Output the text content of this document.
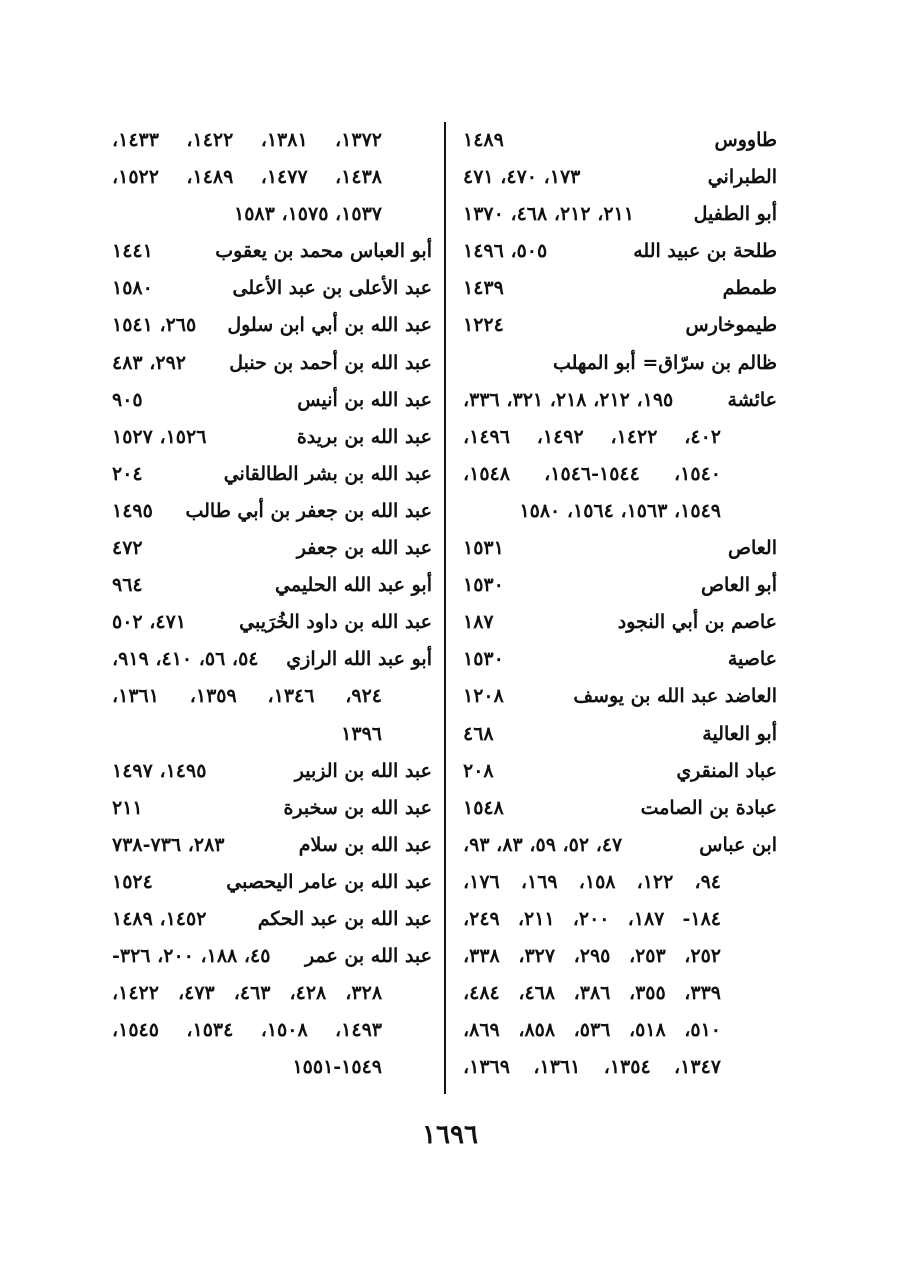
طاووس
١٤٨٩
الطبراني
١٧٣، ٤٧٠، ٤٧١
أبو الطفيل
٢١١، ٢١٢، ٤٦٨، ١٣٧٠
طلحة بن عبيد الله
٥٠٥، ١٤٩٦
طمطم
١٤٣٩
طيموخارس
١٢٢٤
ظالم بن سرّاق= أبو المهلب
عائشة
١٩٥، ٢١٢، ٢١٨، ٣٢١، ٣٣٦،
٤٠٢، ١٤٢٢، ١٤٩٢، ١٤٩٦،
١٥٤٠، ١٥٤٤-١٥٤٦، ١٥٤٨،
١٥٤٩، ١٥٦٣، ١٥٦٤، ١٥٨٠
العاص
١٥٣١
أبو العاص
١٥٣٠
عاصم بن أبي النجود
١٨٧
عاصية
١٥٣٠
العاضد عبد الله بن يوسف
١٢٠٨
أبو العالية
٤٦٨
عباد المنقري
٢٠٨
عبادة بن الصامت
١٥٤٨
ابن عباس
٤٧، ٥٢، ٥٩، ٨٣، ٩٣،
٩٤، ١٢٢، ١٥٨، ١٦٩، ١٧٦،
١٨٤- ١٨٧، ٢٠٠، ٢١١، ٢٤٩،
٢٥٢، ٢٥٣، ٢٩٥، ٣٢٧، ٣٣٨،
٣٣٩، ٣٥٥، ٣٨٦، ٤٦٨، ٤٨٤،
٥١٠، ٥١٨، ٥٣٦، ٨٥٨، ٨٦٩،
١٣٤٧، ١٣٥٤، ١٣٦١، ١٣٦٩،
١٣٧٢، ١٣٨١، ١٤٢٢، ١٤٣٣،
١٤٣٨، ١٤٧٧، ١٤٨٩، ١٥٢٢،
١٥٣٧، ١٥٧٥، ١٥٨٣
أبو العباس محمد بن يعقوب
١٤٤١
عبد الأعلى بن عبد الأعلى
١٥٨٠
عبد الله بن أبي ابن سلول
٢٦٥، ١٥٤١
عبد الله بن أحمد بن حنبل
٢٩٢، ٤٨٣
عبد الله بن أنيس
٩٠٥
عبد الله بن بريدة
١٥٢٦، ١٥٢٧
عبد الله بن بشر الطالقاني
٢٠٤
عبد الله بن جعفر بن أبي طالب
١٤٩٥
عبد الله بن جعفر
٤٧٢
أبو عبد الله الحليمي
٩٦٤
عبد الله بن داود الخُرَيبي
٤٧١، ٥٠٢
أبو عبد الله الرازي
٥٤، ٥٦، ٤١٠، ٩١٩،
٩٢٤، ١٣٤٦، ١٣٥٩، ١٣٦١،
١٣٩٦
عبد الله بن الزبير
١٤٩٥، ١٤٩٧
عبد الله بن سخبرة
٢١١
عبد الله بن سلام
٢٨٣، ٧٣٦-٧٣٨
عبد الله بن عامر اليحصبي
١٥٢٤
عبد الله بن عبد الحكم
١٤٥٢، ١٤٨٩
عبد الله بن عمر
٤٥، ١٨٨، ٢٠٠، ٣٢٦-
٣٢٨، ٤٢٨، ٤٦٣، ٤٧٣، ١٤٢٢،
١٤٩٣، ١٥٠٨، ١٥٣٤، ١٥٤٥،
١٥٤٩-١٥٥١
١٦٩٦
